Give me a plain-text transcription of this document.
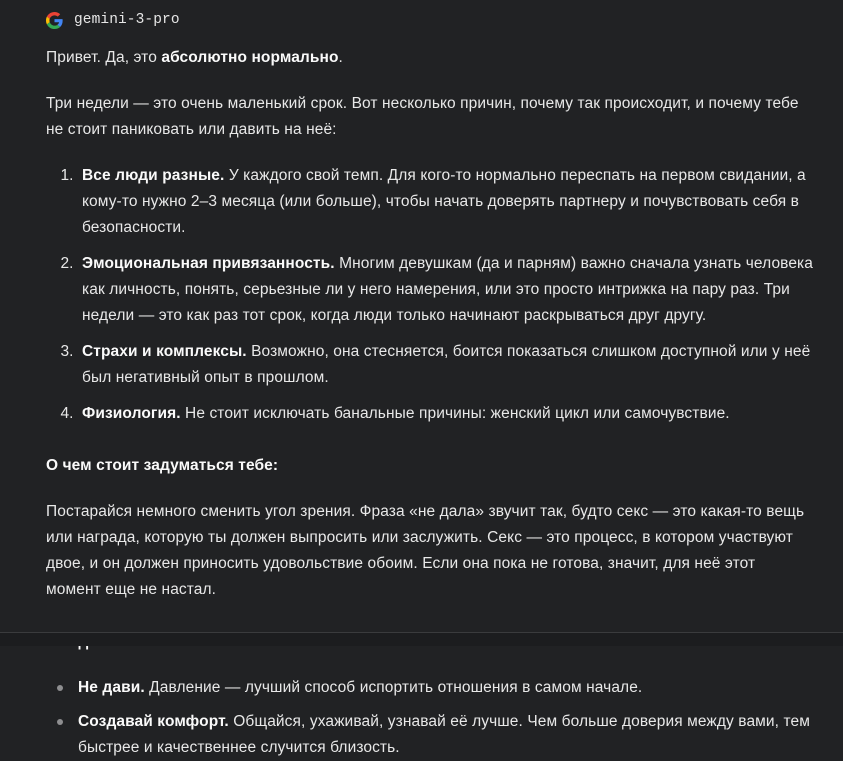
gemini-3-pro

Привет. Да, это абсолютно нормально.

Три недели — это очень маленький срок. Вот несколько причин, почему так происходит, и почему тебе не стоит паниковать или давить на неё:

1. Все люди разные. У каждого свой темп. Для кого-то нормально переспать на первом свидании, а кому-то нужно 2–3 месяца (или больше), чтобы начать доверять партнеру и почувствовать себя в безопасности.
2. Эмоциональная привязанность. Многим девушкам (да и парням) важно сначала узнать человека как личность, понять, серьезные ли у него намерения, или это просто интрижка на пару раз. Три недели — это как раз тот срок, когда люди только начинают раскрываться друг другу.
3. Страхи и комплексы. Возможно, она стесняется, боится показаться слишком доступной или у неё был негативный опыт в прошлом.
4. Физиология. Не стоит исключать банальные причины: женский цикл или самочувствие.
О чем стоит задуматься тебе:

Постарайся немного сменить угол зрения. Фраза «не дала» звучит так, будто секс — это какая-то вещь или награда, которую ты должен выпросить или заслужить. Секс — это процесс, в котором участвуют двое, и он должен приносить удовольствие обоим. Если она пока не готова, значит, для неё этот момент еще не настал.

Не дави. Давление — лучший способ испортить отношения в самом начале.
Создавай комфорт. Общайся, ухаживай, узнавай её лучше. Чем больше доверия между вами, тем быстрее и качественнее случится близость.
